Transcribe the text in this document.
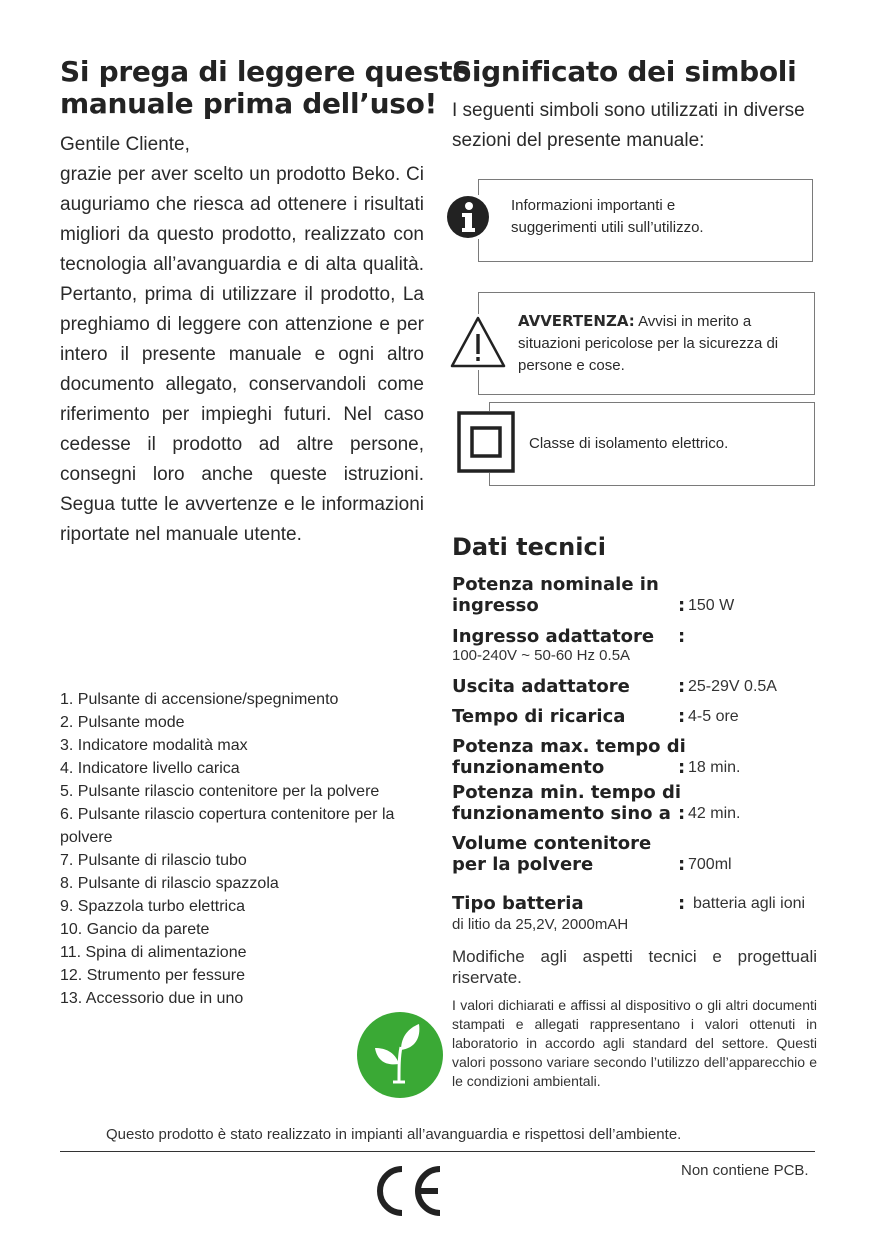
Si prega di leggere questo
manuale prima dell’uso!

Gentile Cliente,

grazie per aver scelto un prodotto Beko. Ci auguriamo che riesca ad ottenere i risultati migliori da questo prodotto, realizzato con tecnologia all’avanguardia e di alta qualità. Pertanto, prima di utilizzare il prodotto, La preghiamo di leggere con attenzione e per intero il presente manuale e ogni altro documento allegato, conservandoli come riferimento per impieghi futuri. Nel caso cedesse il prodotto ad altre persone, consegni loro anche queste istruzioni. Segua tutte le avvertenze e le informazioni riportate nel manuale utente.

1. Pulsante di accensione/spegnimento
2. Pulsante mode
3. Indicatore modalità max
4. Indicatore livello carica
5. Pulsante rilascio contenitore per la polvere
6. Pulsante rilascio copertura contenitore per la polvere
7. Pulsante di rilascio tubo
8. Pulsante di rilascio spazzola
9. Spazzola turbo elettrica
10. Gancio da parete
11. Spina di alimentazione
12. Strumento per fessure
13. Accessorio due in uno
Significato dei simboli
I seguenti simboli sono utilizzati in diverse sezioni del presente manuale:
Informazioni importanti e suggerimenti utili sull’utilizzo.
AVVERTENZA: Avvisi in merito a situazioni pericolose per la sicurezza di persone e cose.
Classe di isolamento elettrico.
Dati tecnici
Potenza nominale in
ingresso	: 150 W
Ingresso adattatore	:
100-240V ~ 50-60 Hz 0.5A
Uscita adattatore	: 25-29V 0.5A
Tempo di ricarica	: 4-5 ore
Potenza max. tempo di
funzionamento	: 18 min.
Potenza min. tempo di
funzionamento sino a : 42 min.
Volume contenitore
per la polvere	: 700ml
Tipo batteria	: batteria agli ioni
di litio da 25,2V, 2000mAH
Modifiche agli aspetti tecnici e progettuali riservate.
I valori dichiarati e affissi al dispositivo o gli altri documenti stampati e allegati rappresentano i valori ottenuti in laboratorio in accordo agli standard del settore. Questi valori possono variare secondo l’utilizzo dell’apparecchio e le condizioni ambientali.
Questo prodotto è stato realizzato in impianti all’avanguardia e rispettosi dell’ambiente.
Non contiene PCB.
